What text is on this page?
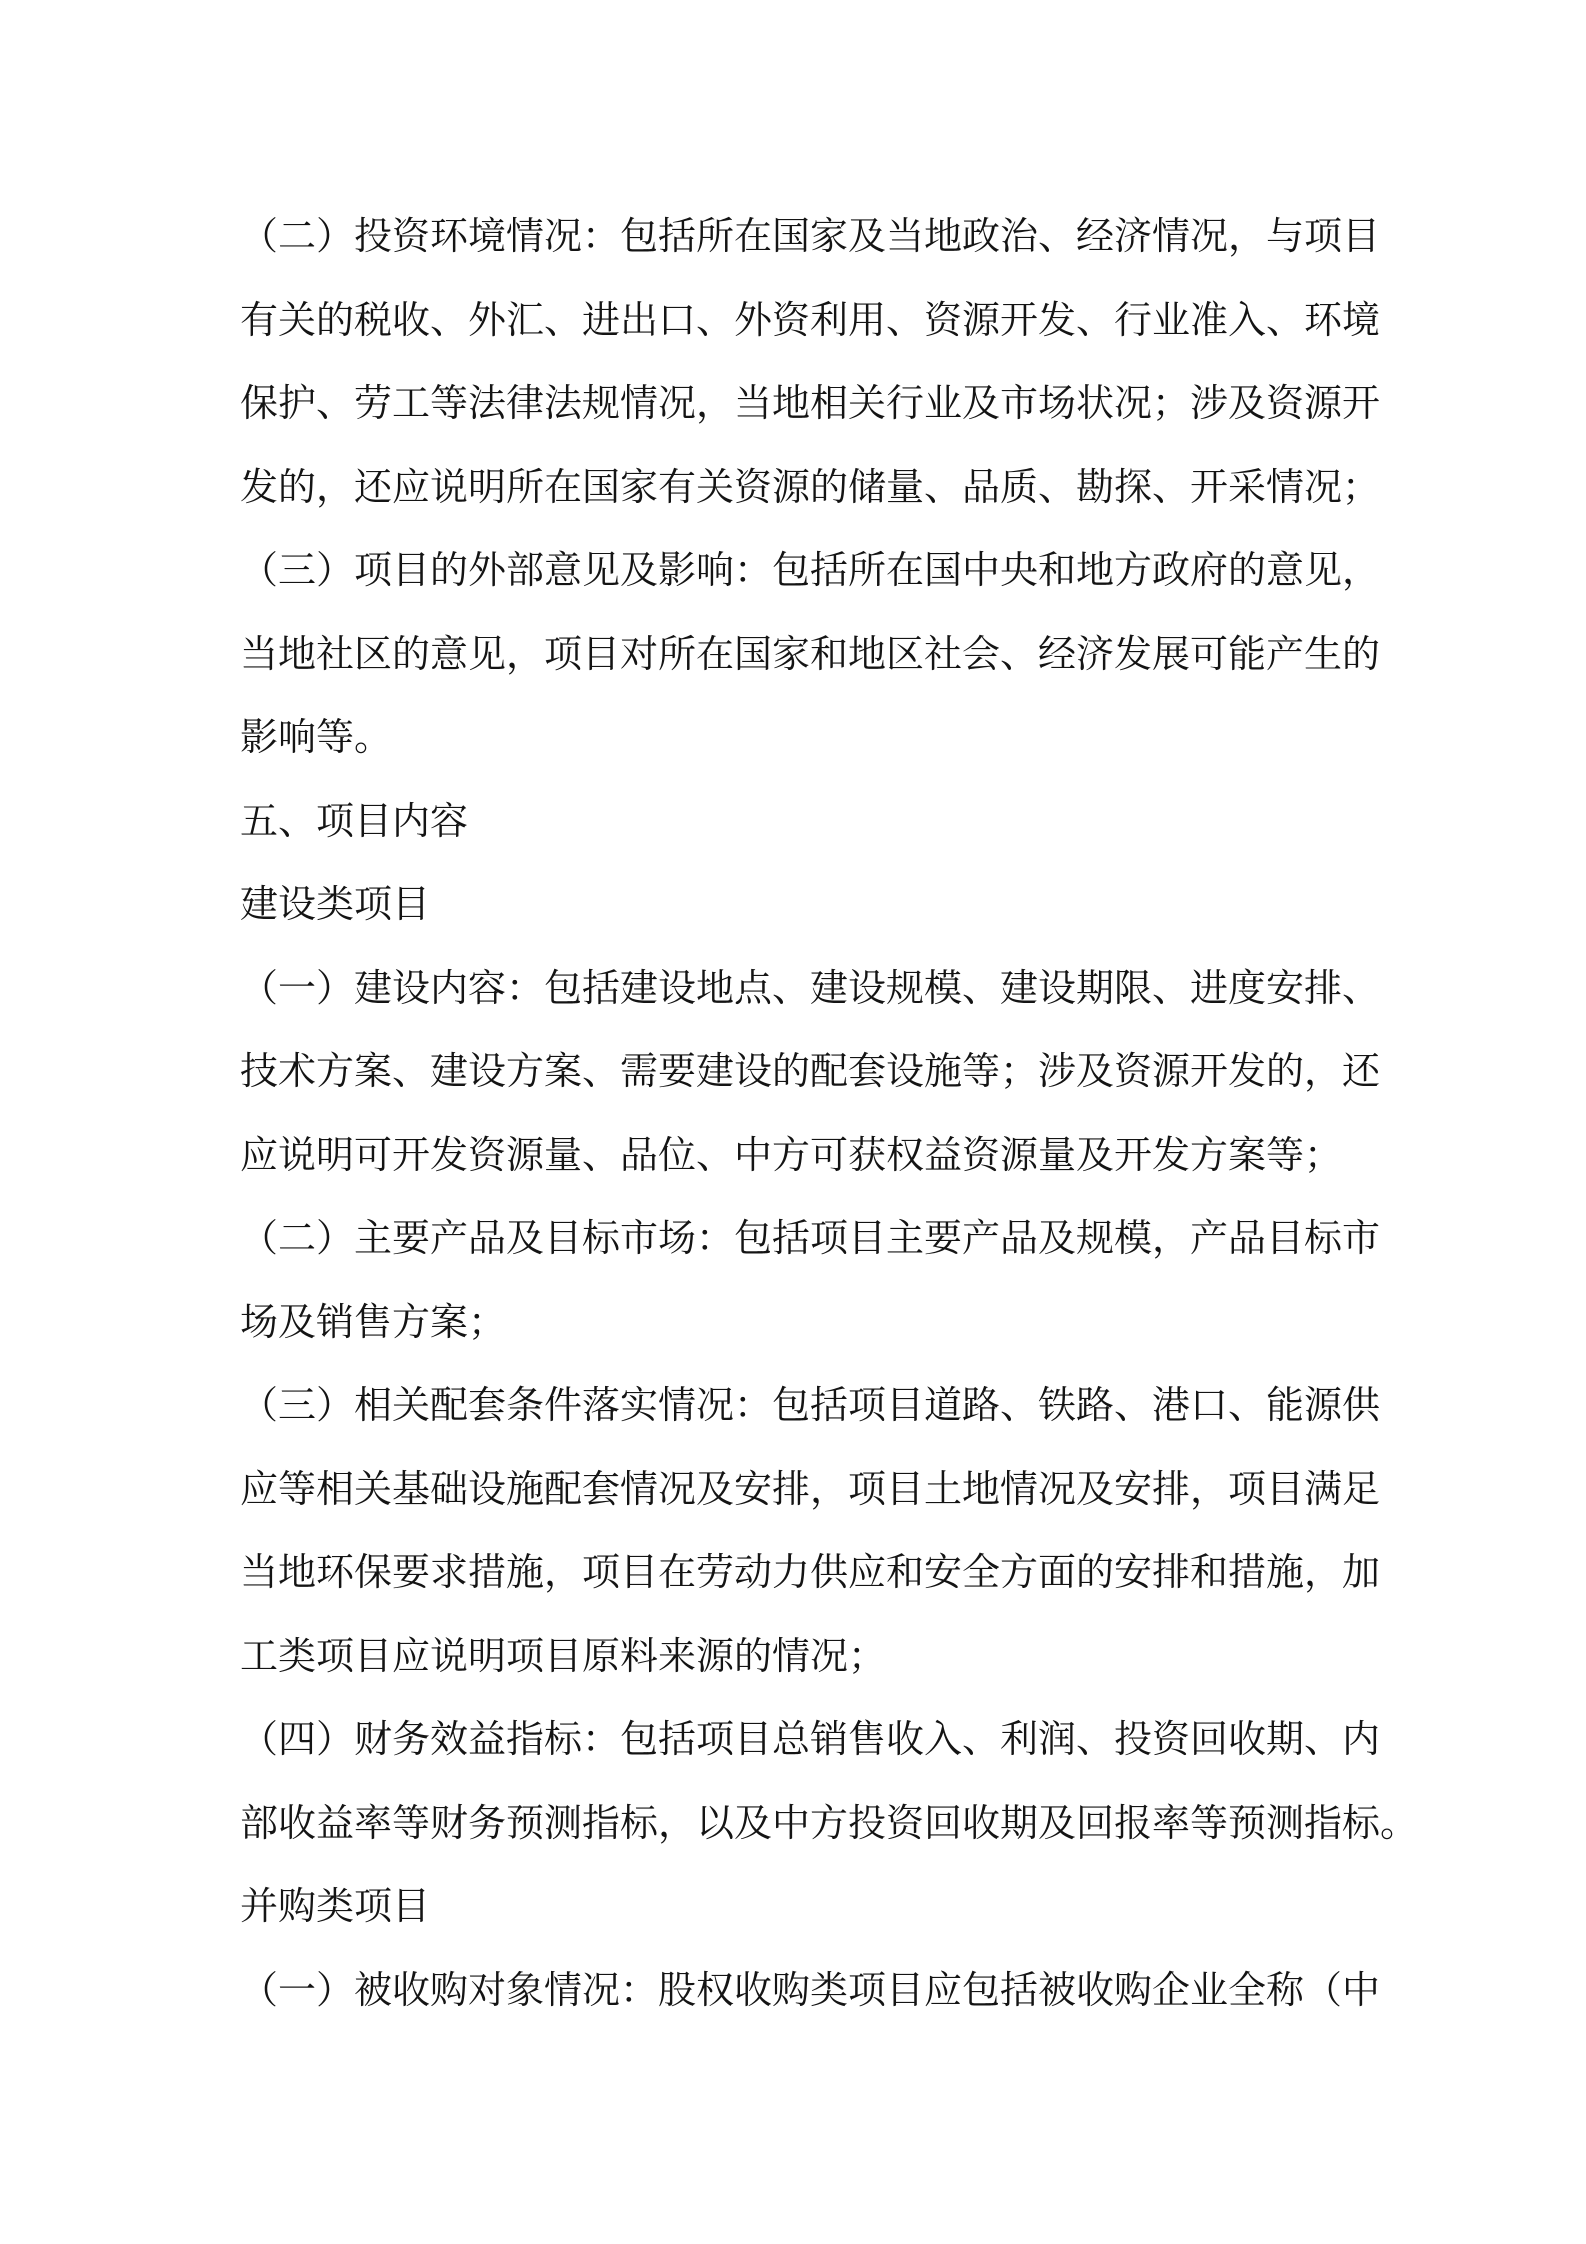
（二）投资环境情况：包括所在国家及当地政治、经济情况，与项目
有关的税收、外汇、进出口、外资利用、资源开发、行业准入、环境
保护、劳工等法律法规情况，当地相关行业及市场状况；涉及资源开
发的，还应说明所在国家有关资源的储量、品质、勘探、开采情况；
（三）项目的外部意见及影响：包括所在国中央和地方政府的意见，
当地社区的意见，项目对所在国家和地区社会、经济发展可能产生的
影响等。
五、项目内容
建设类项目
（一）建设内容：包括建设地点、建设规模、建设期限、进度安排、
技术方案、建设方案、需要建设的配套设施等；涉及资源开发的，还
应说明可开发资源量、品位、中方可获权益资源量及开发方案等；
（二）主要产品及目标市场：包括项目主要产品及规模，产品目标市
场及销售方案；
（三）相关配套条件落实情况：包括项目道路、铁路、港口、能源供
应等相关基础设施配套情况及安排，项目土地情况及安排，项目满足
当地环保要求措施，项目在劳动力供应和安全方面的安排和措施，加
工类项目应说明项目原料来源的情况；
（四）财务效益指标：包括项目总销售收入、利润、投资回收期、内
部收益率等财务预测指标，以及中方投资回收期及回报率等预测指标。
并购类项目
（一）被收购对象情况：股权收购类项目应包括被收购企业全称（中
